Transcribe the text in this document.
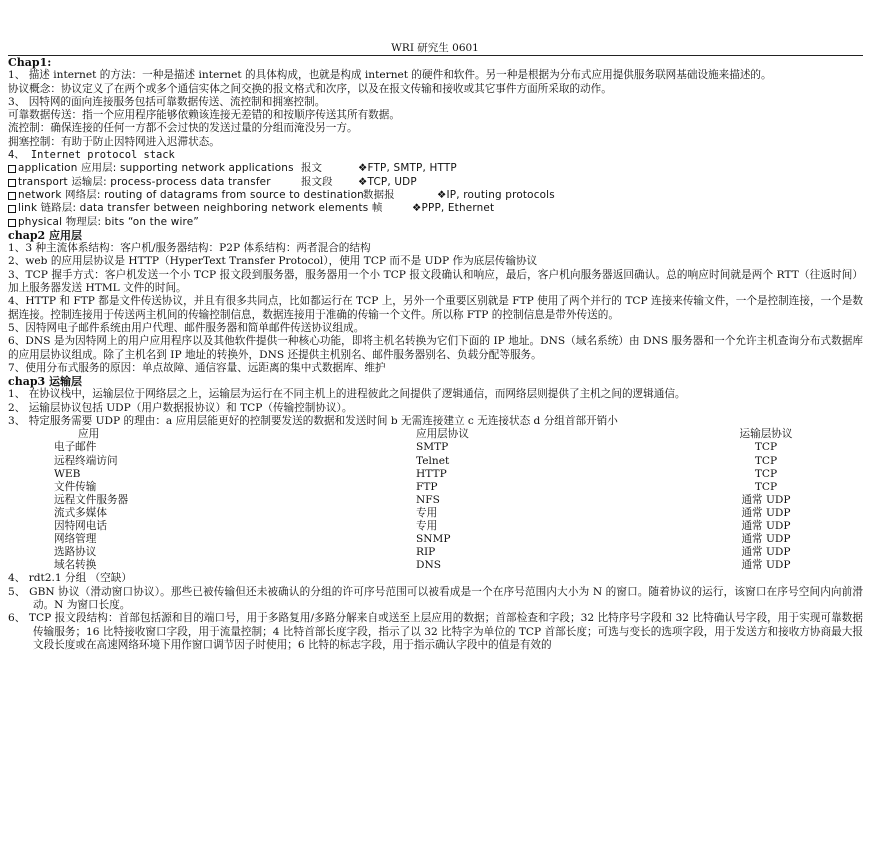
WRI 研究生 0601
Chap1:
1、 描述 internet 的方法：一种是描述 internet 的具体构成，也就是构成 internet 的硬件和软件。另一种是根据为分布式应用提供服务联网基础设施来描述的。
协议概念：协议定义了在两个或多个通信实体之间交换的报文格式和次序，以及在报文传输和接收或其它事件方面所采取的动作。
3、 因特网的面向连接服务包括可靠数据传送、流控制和拥塞控制。
可靠数据传送：指一个应用程序能够依赖该连接无差错的和按顺序传送其所有数据。
流控制：确保连接的任何一方都不会过快的发送过量的分组而淹没另一方。
拥塞控制：有助于防止因特网进入迟滞状态。
4、 Internet protocol stack
application 应用层: supporting network applications 报文	❖FTP, SMTP, HTTP
transport 运输层: process-process data transfer	报文段	❖TCP, UDP
network 网络层: routing of datagrams from source to destination 数据报	❖IP, routing protocols
link 链路层: data transfer between neighboring network elements 帧	❖PPP, Ethernet
physical 物理层: bits “on the wire”
chap2 应用层
1、3 种主流体系结构：客户机/服务器结构：P2P 体系结构：两者混合的结构
2、web 的应用层协议是 HTTP（HyperText Transfer Protocol），使用 TCP 而不是 UDP 作为底层传输协议
3、TCP 握手方式：客户机发送一个小 TCP 报文段到服务器，服务器用一个小 TCP 报文段确认和响应，最后，客户机向服务器返回确认。总的响应时间就是两个 RTT（往返时间）加上服务器发送 HTML 文件的时间。
4、HTTP 和 FTP 都是文件传送协议，并且有很多共同点，比如都运行在 TCP 上，另外一个重要区别就是 FTP 使用了两个并行的 TCP 连接来传输文件，一个是控制连接，一个是数据连接。控制连接用于传送两主机间的传输控制信息，数据连接用于准确的传输一个文件。所以称 FTP 的控制信息是带外传送的。
5、因特网电子邮件系统由用户代理、邮件服务器和简单邮件传送协议组成。
6、DNS 是为因特网上的用户应用程序以及其他软件提供一种核心功能，即将主机名转换为它们下面的 IP 地址。DNS（域名系统）由 DNS 服务器和一个允许主机查询分布式数据库的应用层协议组成。除了主机名到 IP 地址的转换外，DNS 还提供主机别名、邮件服务器别名、负载分配等服务。
7、使用分布式服务的原因：单点故障、通信容量、远距离的集中式数据库、维护
chap3 运输层
1、 在协议栈中，运输层位于网络层之上，运输层为运行在不同主机上的进程彼此之间提供了逻辑通信，而网络层则提供了主机之间的逻辑通信。
2、 运输层协议包括 UDP（用户数据报协议）和 TCP（传输控制协议）。
3、 特定服务需要 UDP 的理由：a 应用层能更好的控制要发送的数据和发送时间 b 无需连接建立 c 无连接状态 d 分组首部开销小
应用	应用层协议	运输层协议
电子邮件	SMTP	TCP
远程终端访问	Telnet	TCP
WEB	HTTP	TCP
文件传输	FTP	TCP
远程文件服务器	NFS	通常 UDP
流式多媒体	专用	通常 UDP
因特网电话	专用	通常 UDP
网络管理	SNMP	通常 UDP
选路协议	RIP	通常 UDP
域名转换	DNS	通常 UDP
4、 rdt2.1 分组 （空缺）
5、 GBN 协议（滑动窗口协议）。那些已被传输但还未被确认的分组的许可序号范围可以被看成是一个在序号范围内大小为 N 的窗口。随着协议的运行，该窗口在序号空间内向前滑动。N 为窗口长度。
6、 TCP 报文段结构：首部包括源和目的端口号，用于多路复用/多路分解来自或送至上层应用的数据；首部检查和字段；32 比特序号字段和 32 比特确认号字段，用于实现可靠数据传输服务；16 比特接收窗口字段，用于流量控制；4 比特首部长度字段，指示了以 32 比特字为单位的 TCP 首部长度；可选与变长的选项字段，用于发送方和接收方协商最大报文段长度或在高速网络环境下用作窗口调节因子时使用；6 比特的标志字段，用于指示确认字段中的值是有效的
